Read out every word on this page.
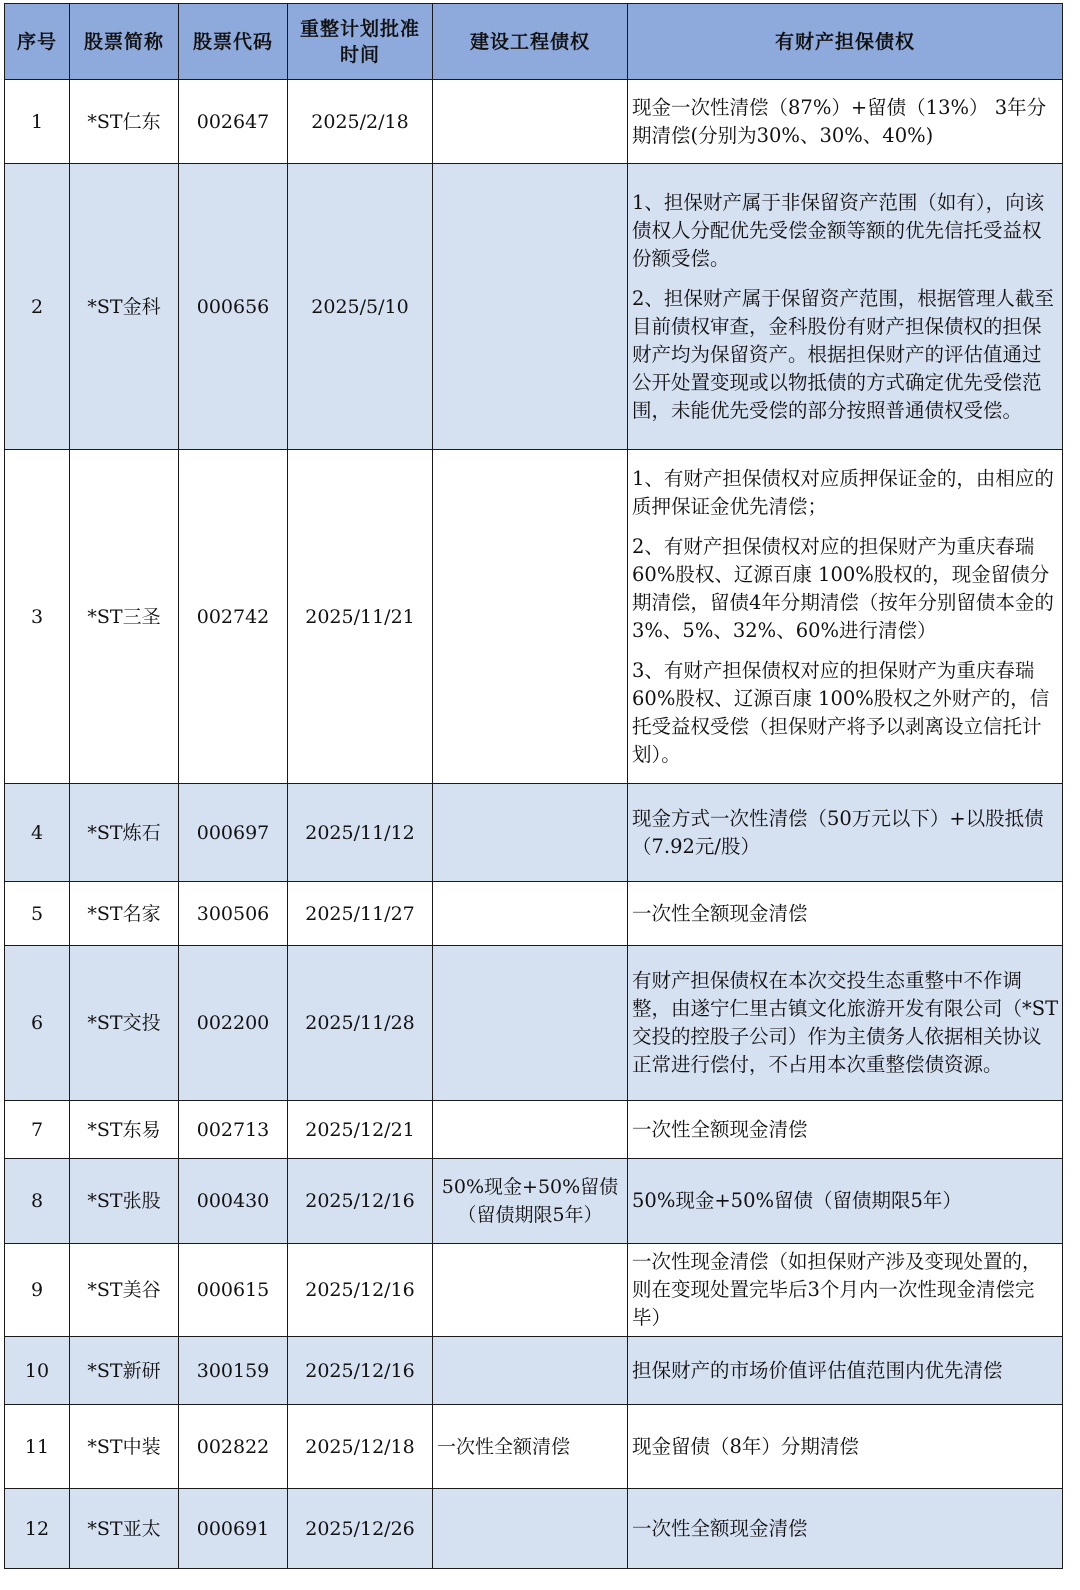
序号	股票简称	股票代码	重整计划批准时间	建设工程债权	有财产担保债权
1	*ST仁东	002647	2025/2/18		现金一次性清偿（87%）+留债（13%） 3年分期清偿(分别为30%、30%、40%)

2	*ST金科	000656	2025/5/10		1、担保财产属于非保留资产范围（如有），向该债权人分配优先受偿金额等额的优先信托受益权份额受偿。
2、担保财产属于保留资产范围，根据管理人截至目前债权审查，金科股份有财产担保债权的担保财产均为保留资产。根据担保财产的评估值通过公开处置变现或以物抵债的方式确定优先受偿范围，未能优先受偿的部分按照普通债权受偿。

3	*ST三圣	002742	2025/11/21		1、有财产担保债权对应质押保证金的，由相应的质押保证金优先清偿；
2、有财产担保债权对应的担保财产为重庆春瑞 60%股权、辽源百康 100%股权的，现金留债分期清偿，留债4年分期清偿（按年分别留债本金的 3%、5%、32%、60%进行清偿）
3、有财产担保债权对应的担保财产为重庆春瑞 60%股权、辽源百康 100%股权之外财产的，信托受益权受偿（担保财产将予以剥离设立信托计划）。

4	*ST炼石	000697	2025/11/12		现金方式一次性清偿（50万元以下）+以股抵债（7.92元/股）

5	*ST名家	300506	2025/11/27		一次性全额现金清偿

6	*ST交投	002200	2025/11/28		有财产担保债权在本次交投生态重整中不作调整，由遂宁仁里古镇文化旅游开发有限公司（*ST交投的控股子公司）作为主债务人依据相关协议正常进行偿付，不占用本次重整偿债资源。

7	*ST东易	002713	2025/12/21		一次性全额现金清偿

8	*ST张股	000430	2025/12/16	50%现金+50%留债（留债期限5年）	50%现金+50%留债（留债期限5年）

9	*ST美谷	000615	2025/12/16		一次性现金清偿（如担保财产涉及变现处置的，则在变现处置完毕后3个月内一次性现金清偿完毕）

10	*ST新研	300159	2025/12/16		担保财产的市场价值评估值范围内优先清偿

11	*ST中装	002822	2025/12/18	一次性全额清偿	现金留债（8年）分期清偿

12	*ST亚太	000691	2025/12/26		一次性全额现金清偿
